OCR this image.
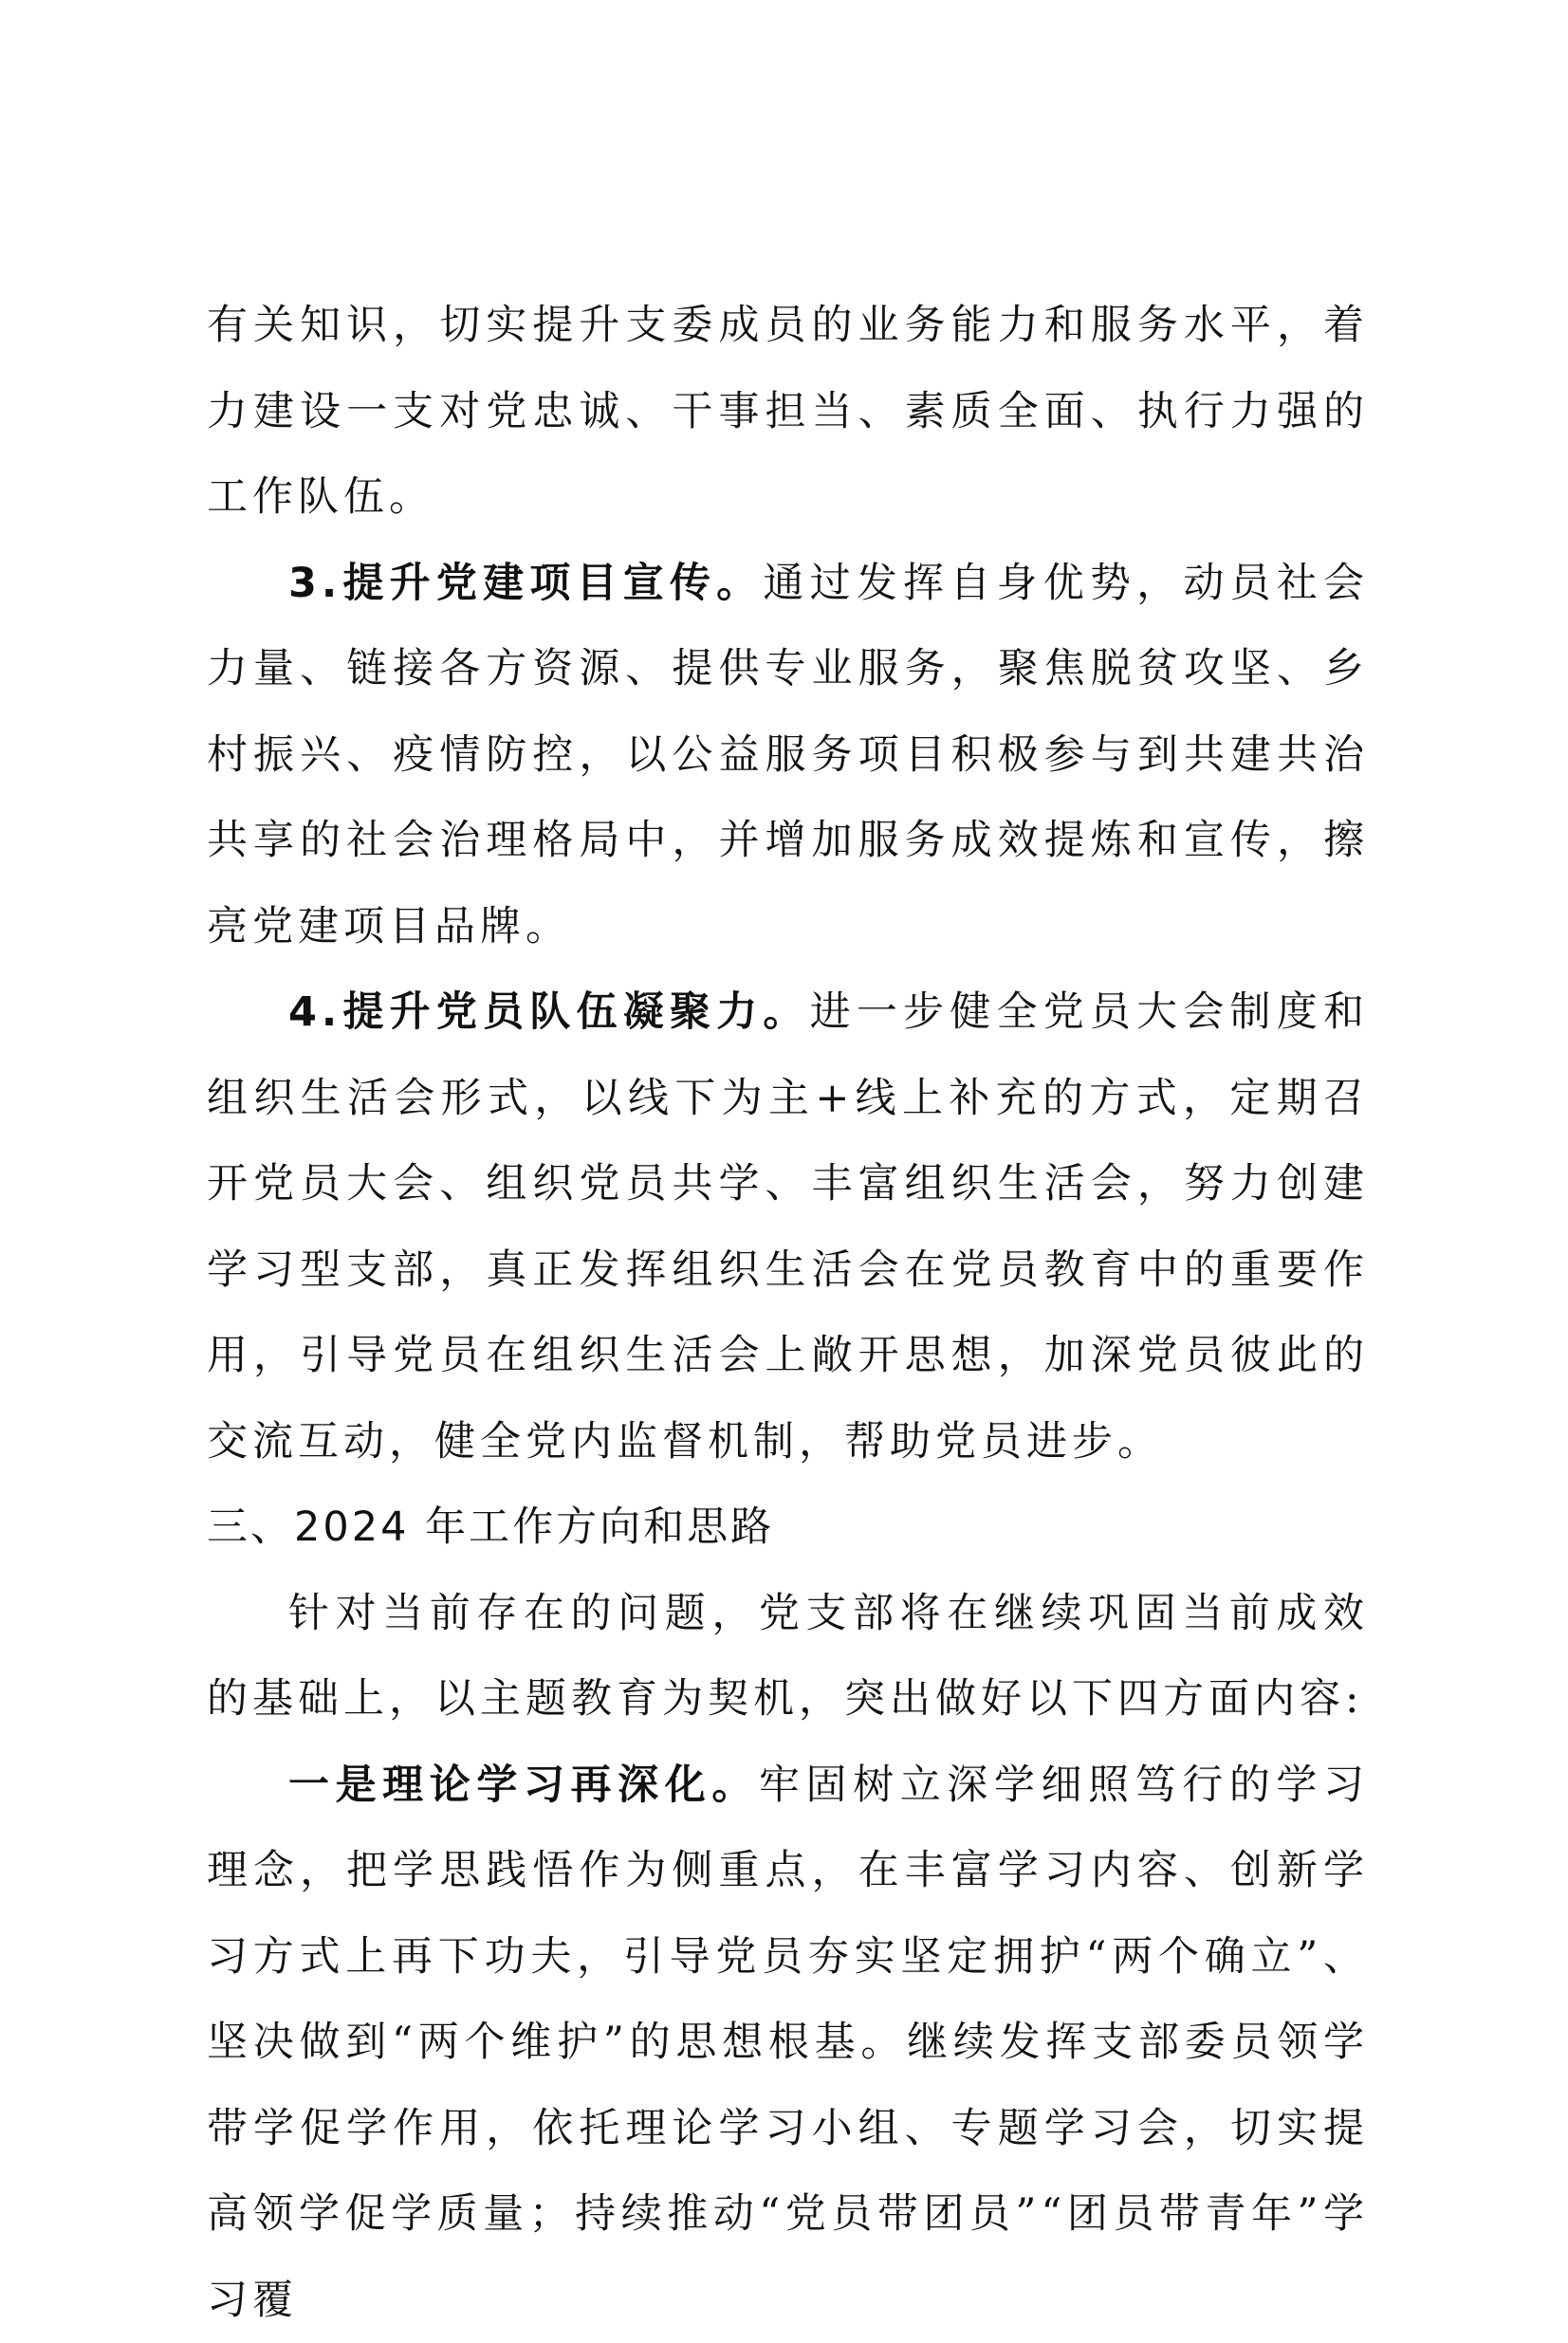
有关知识，切实提升支委成员的业务能力和服务水平，着力建设一支对党忠诚、干事担当、素质全面、执行力强的工作队伍。

3.提升党建项目宣传。通过发挥自身优势，动员社会力量、链接各方资源、提供专业服务，聚焦脱贫攻坚、乡村振兴、疫情防控，以公益服务项目积极参与到共建共治共享的社会治理格局中，并增加服务成效提炼和宣传，擦亮党建项目品牌。

4.提升党员队伍凝聚力。进一步健全党员大会制度和组织生活会形式，以线下为主+线上补充的方式，定期召开党员大会、组织党员共学、丰富组织生活会，努力创建学习型支部，真正发挥组织生活会在党员教育中的重要作用，引导党员在组织生活会上敞开思想，加深党员彼此的交流互动，健全党内监督机制，帮助党员进步。

三、2024 年工作方向和思路

针对当前存在的问题，党支部将在继续巩固当前成效的基础上，以主题教育为契机，突出做好以下四方面内容:

一是理论学习再深化。牢固树立深学细照笃行的学习理念，把学思践悟作为侧重点，在丰富学习内容、创新学习方式上再下功夫，引导党员夯实坚定拥护“两个确立”、坚决做到“两个维护”的思想根基。继续发挥支部委员领学带学促学作用，依托理论学习小组、专题学习会，切实提高领学促学质量；持续推动“党员带团员”“团员带青年”学习覆
